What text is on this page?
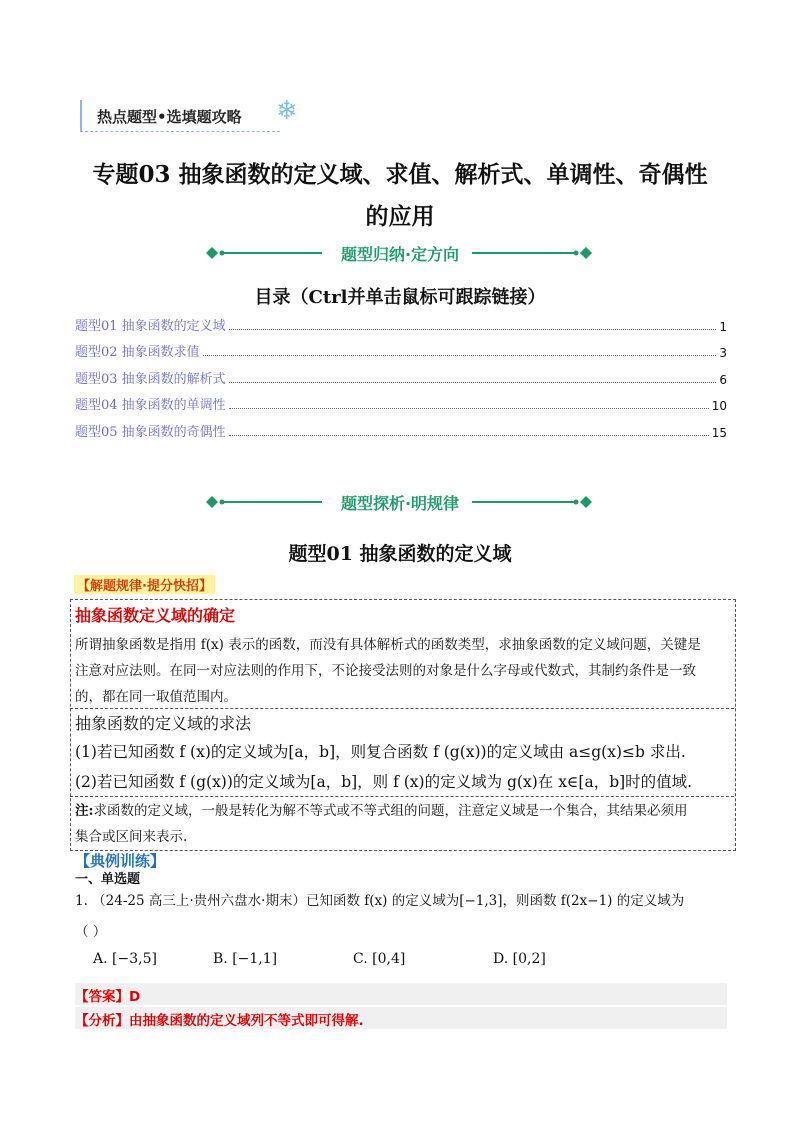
热点题型•选填题攻略 ❄
专题03 抽象函数的定义域、求值、解析式、单调性、奇偶性
的应用
题型归纳·定方向
目录（Ctrl并单击鼠标可跟踪链接）
题型01 抽象函数的定义域	1
题型02 抽象函数求值	3
题型03 抽象函数的解析式	6
题型04 抽象函数的单调性	10
题型05 抽象函数的奇偶性	15
题型探析·明规律
题型01 抽象函数的定义域
【解题规律·提分快招】
抽象函数定义域的确定
所谓抽象函数是指用 f(x) 表示的函数，而没有具体解析式的函数类型，求抽象函数的定义域问题，关键是
注意对应法则。在同一对应法则的作用下，不论接受法则的对象是什么字母或代数式，其制约条件是一致
的，都在同一取值范围内。
抽象函数的定义域的求法
(1)若已知函数 f (x)的定义域为[a，b]，则复合函数 f (g(x))的定义域由 a≤g(x)≤b 求出.
(2)若已知函数 f (g(x))的定义域为[a，b]，则 f (x)的定义域为 g(x)在 x∈[a，b]时的值域.
注:求函数的定义域，一般是转化为解不等式或不等式组的问题，注意定义域是一个集合，其结果必须用
集合或区间来表示.
【典例训练】
一、单选题
1. （24-25 高三上·贵州六盘水·期末）已知函数 f(x) 的定义域为[−1,3]，则函数 f(2x−1) 的定义域为
（ ）
A. [−3,5]	B. [−1,1]	C. [0,4]	D. [0,2]
【答案】D
【分析】由抽象函数的定义域列不等式即可得解.
